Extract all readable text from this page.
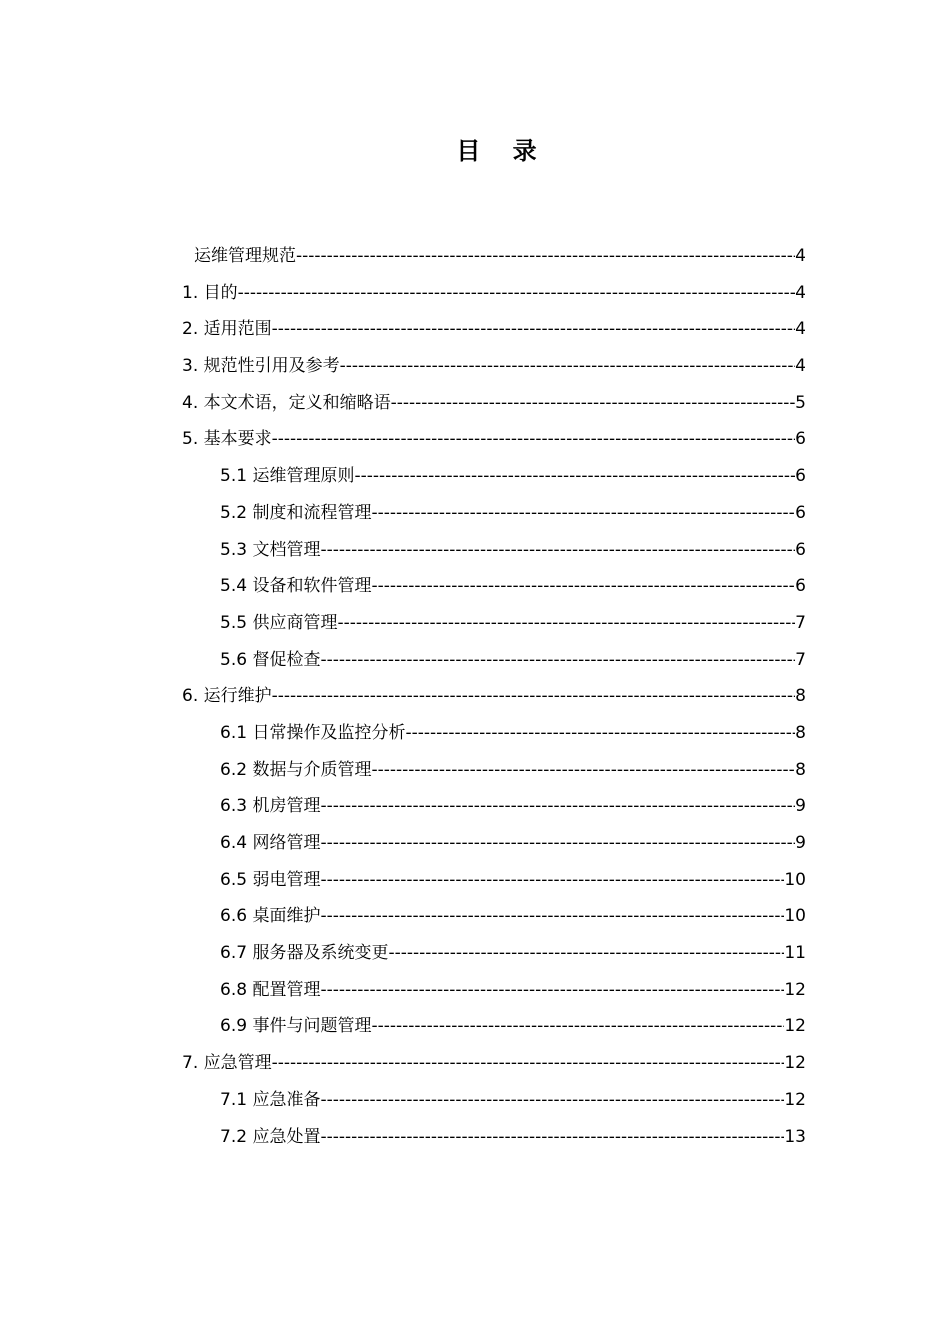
目 录
运维管理规范 -----	4
1. 目的 -----	4
2. 适用范围 -----	4
3. 规范性引用及参考 -----	4
4. 本文术语，定义和缩略语 -----	5
5. 基本要求 -----	6
5.1 运维管理原则 -----	6
5.2 制度和流程管理 -----	6
5.3 文档管理 -----	6
5.4 设备和软件管理 -----	6
5.5 供应商管理 -----	7
5.6 督促检查 -----	7
6. 运行维护 -----	8
6.1 日常操作及监控分析 -----	8
6.2 数据与介质管理 -----	8
6.3 机房管理 -----	9
6.4 网络管理 -----	9
6.5 弱电管理 -----	10
6.6 桌面维护 -----	10
6.7 服务器及系统变更 -----	11
6.8 配置管理 -----	12
6.9 事件与问题管理 -----	12
7. 应急管理 -----	12
7.1 应急准备 -----	12
7.2 应急处置 -----	13
